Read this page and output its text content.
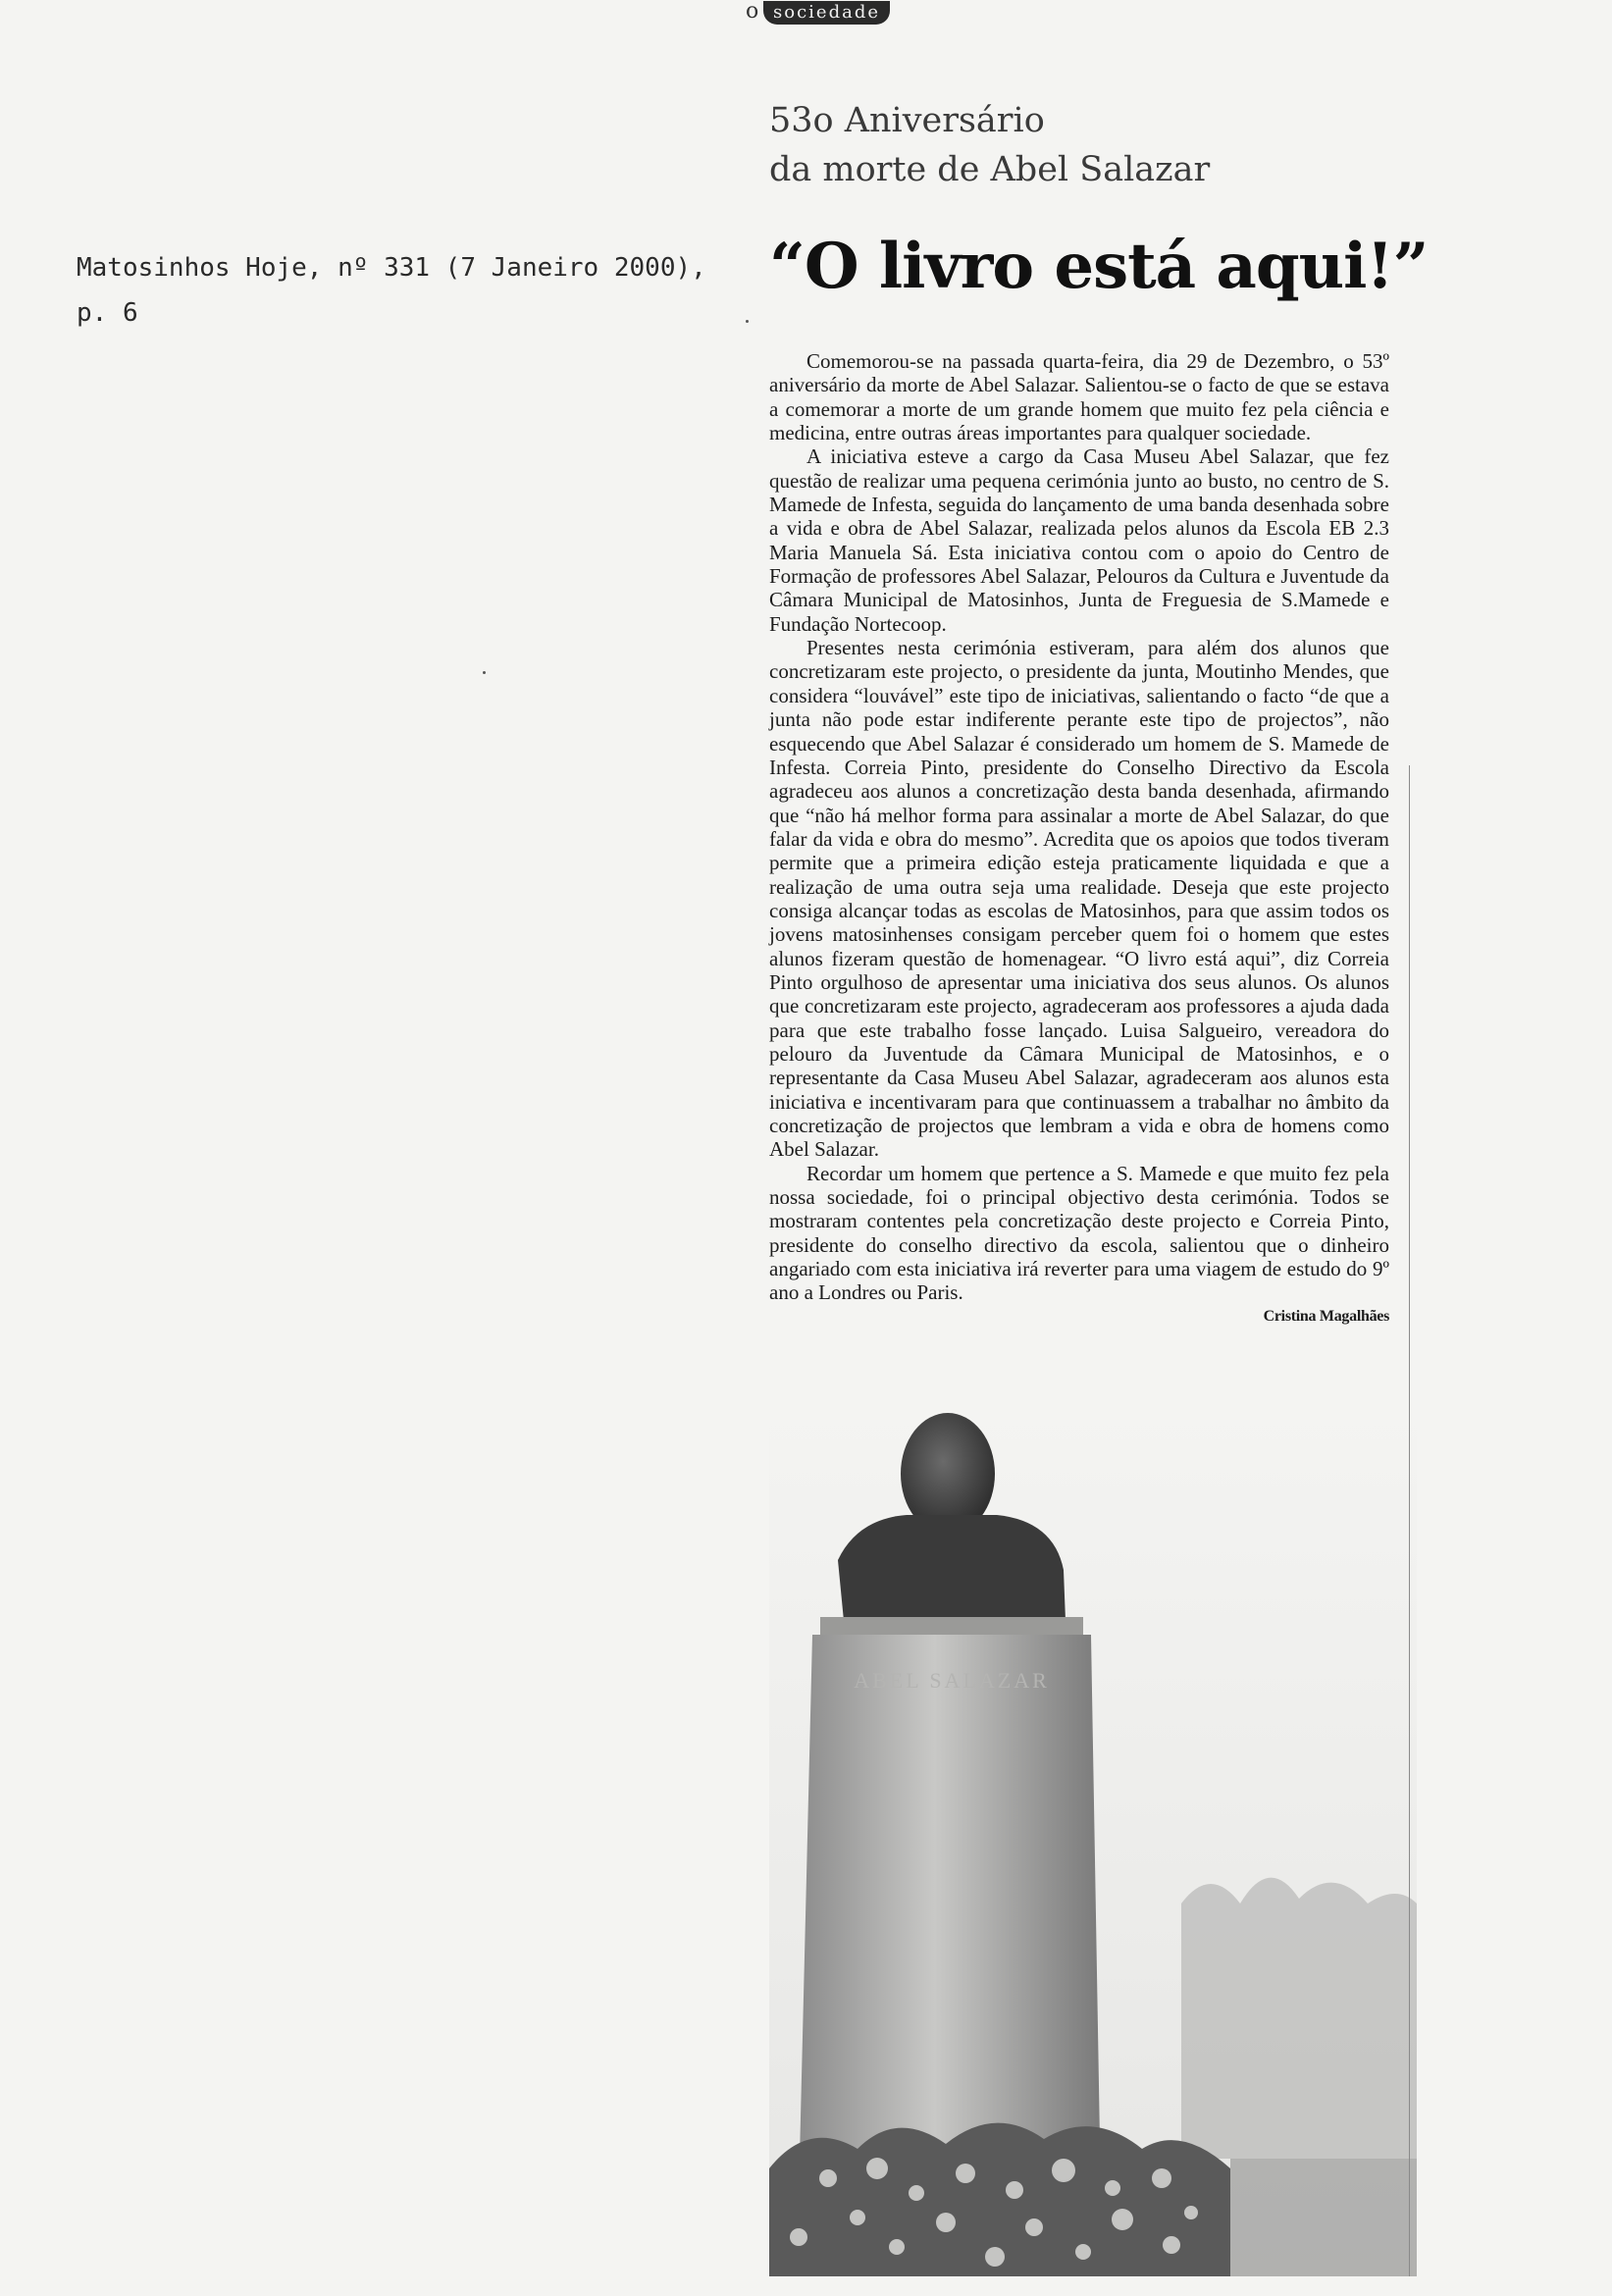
o sociedade
Matosinhos Hoje, nº 331 (7 Janeiro 2000),
p. 6
53o Aniversário
da morte de Abel Salazar
“O livro está aqui!”

Comemorou-se na passada quarta-feira, dia 29 de Dezembro, o 53º aniversário da morte de Abel Salazar. Salientou-se o facto de que se estava a comemorar a morte de um grande homem que muito fez pela ciência e medicina, entre outras áreas importantes para qualquer sociedade.

A iniciativa esteve a cargo da Casa Museu Abel Salazar, que fez questão de realizar uma pequena cerimónia junto ao busto, no centro de S. Mamede de Infesta, seguida do lançamento de uma banda desenhada sobre a vida e obra de Abel Salazar, realizada pelos alunos da Escola EB 2.3 Maria Manuela Sá. Esta iniciativa contou com o apoio do Centro de Formação de professores Abel Salazar, Pelouros da Cultura e Juventude da Câmara Municipal de Matosinhos, Junta de Freguesia de S.Mamede e Fundação Nortecoop.

Presentes nesta cerimónia estiveram, para além dos alunos que concretizaram este projecto, o presidente da junta, Moutinho Mendes, que considera “louvável” este tipo de iniciativas, salientando o facto “de que a junta não pode estar indiferente perante este tipo de projectos”, não esquecendo que Abel Salazar é considerado um homem de S. Mamede de Infesta. Correia Pinto, presidente do Conselho Directivo da Escola agradeceu aos alunos a concretização desta banda desenhada, afirmando que “não há melhor forma para assinalar a morte de Abel Salazar, do que falar da vida e obra do mesmo”. Acredita que os apoios que todos tiveram permite que a primeira edição esteja praticamente liquidada e que a realização de uma outra seja uma realidade. Deseja que este projecto consiga alcançar todas as escolas de Matosinhos, para que assim todos os jovens matosinhenses consigam perceber quem foi o homem que estes alunos fizeram questão de homenagear. “O livro está aqui”, diz Correia Pinto orgulhoso de apresentar uma iniciativa dos seus alunos. Os alunos que concretizaram este projecto, agradeceram aos professores a ajuda dada para que este trabalho fosse lançado. Luisa Salgueiro, vereadora do pelouro da Juventude da Câmara Municipal de Matosinhos, e o representante da Casa Museu Abel Salazar, agradeceram aos alunos esta iniciativa e incentivaram para que continuassem a trabalhar no âmbito da concretização de projectos que lembram a vida e obra de homens como Abel Salazar.

Recordar um homem que pertence a S. Mamede e que muito fez pela nossa sociedade, foi o principal objectivo desta cerimónia. Todos se mostraram contentes pela concretização deste projecto e Correia Pinto, presidente do conselho directivo da escola, salientou que o dinheiro angariado com esta iniciativa irá reverter para uma viagem de estudo do 9º ano a Londres ou Paris.

Cristina Magalhães

ABEL SALAZAR
